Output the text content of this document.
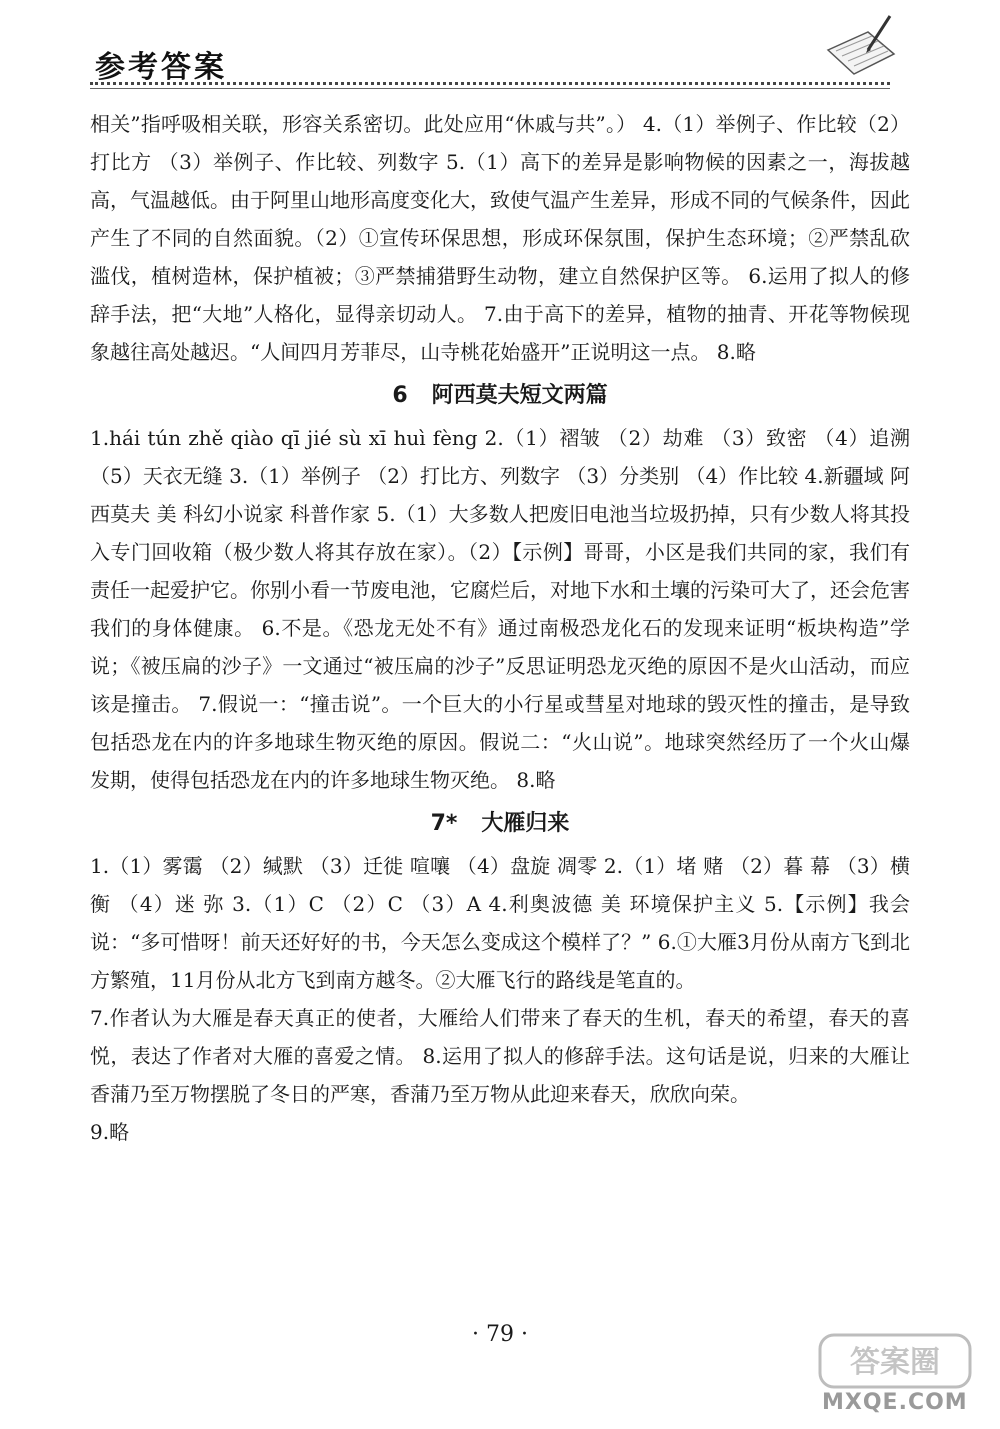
参考答案

相关”指呼吸相关联，形容关系密切。此处应用“休戚与共”。） 4.（1）举例子、作比较（2）打比方 （3）举例子、作比较、列数字 5.（1）高下的差异是影响物候的因素之一，海拔越高，气温越低。由于阿里山地形高度变化大，致使气温产生差异，形成不同的气候条件，因此产生了不同的自然面貌。（2）①宣传环保思想，形成环保氛围，保护生态环境；②严禁乱砍滥伐，植树造林，保护植被；③严禁捕猎野生动物，建立自然保护区等。 6.运用了拟人的修辞手法，把“大地”人格化，显得亲切动人。 7.由于高下的差异，植物的抽青、开花等物候现象越往高处越迟。“人间四月芳菲尽，山寺桃花始盛开”正说明这一点。 8.略

6 阿西莫夫短文两篇

1.hái tún zhě qiào qī jié sù xī huì fèng 2.（1）褶皱 （2）劫难 （3）致密 （4）追溯 （5）天衣无缝 3.（1）举例子 （2）打比方、列数字 （3）分类别 （4）作比较 4.新疆域 阿西莫夫 美 科幻小说家 科普作家 5.（1）大多数人把废旧电池当垃圾扔掉，只有少数人将其投入专门回收箱（极少数人将其存放在家）。（2）【示例】哥哥，小区是我们共同的家，我们有责任一起爱护它。你别小看一节废电池，它腐烂后，对地下水和土壤的污染可大了，还会危害我们的身体健康。 6.不是。《恐龙无处不有》通过南极恐龙化石的发现来证明“板块构造”学说；《被压扁的沙子》一文通过“被压扁的沙子”反思证明恐龙灭绝的原因不是火山活动，而应该是撞击。 7.假说一：“撞击说”。一个巨大的小行星或彗星对地球的毁灭性的撞击，是导致包括恐龙在内的许多地球生物灭绝的原因。假说二：“火山说”。地球突然经历了一个火山爆发期，使得包括恐龙在内的许多地球生物灭绝。 8.略

7* 大雁归来

1.（1）雾霭 （2）缄默 （3）迁徙 喧嚷 （4）盘旋 凋零 2.（1）堵 赌 （2）暮 幕 （3）横 衡 （4）迷 弥 3.（1）C （2）C （3）A 4.利奥波德 美 环境保护主义 5.【示例】我会说：“多可惜呀！前天还好好的书，今天怎么变成这个模样了？” 6.①大雁3月份从南方飞到北方繁殖，11月份从北方飞到南方越冬。②大雁飞行的路线是笔直的。

7.作者认为大雁是春天真正的使者，大雁给人们带来了春天的生机，春天的希望，春天的喜悦，表达了作者对大雁的喜爱之情。 8.运用了拟人的修辞手法。这句话是说，归来的大雁让香蒲乃至万物摆脱了冬日的严寒，香蒲乃至万物从此迎来春天，欣欣向荣。

9.略

· 79 ·
答案圈
MXQE.COM
